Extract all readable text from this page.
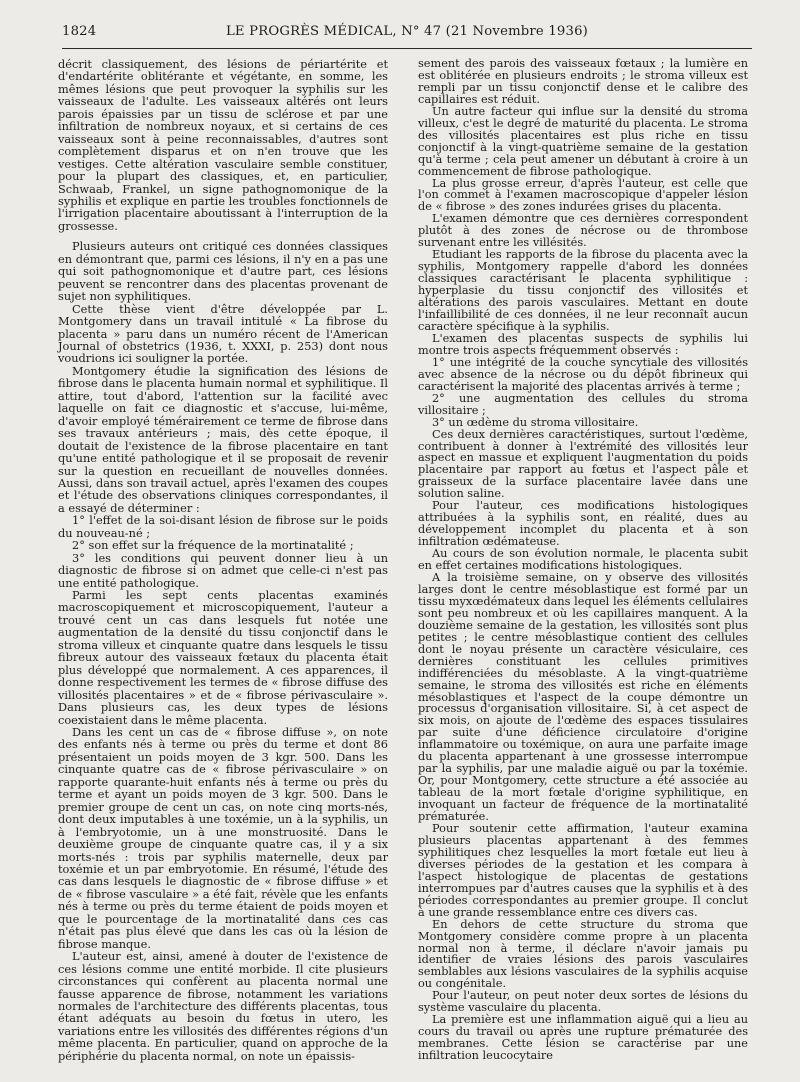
1824	LE PROGRÈS MÉDICAL, N° 47 (21 Novembre 1936)

décrit classiquement, des lésions de périartérite et d'endartérite oblitérante et végétante, en somme, les mêmes lésions que peut provoquer la syphilis sur les vaisseaux de l'adulte. Les vaisseaux altérés ont leurs parois épaissies par un tissu de sclérose et par une infiltration de nombreux noyaux, et si certains de ces vaisseaux sont à peine reconnaissables, d'autres sont complètement disparus et on n'en trouve que les vestiges. Cette altération vasculaire semble constituer, pour la plupart des classiques, et, en particulier, Schwaab, Frankel, un signe pathognomonique de la syphilis et explique en partie les troubles fonctionnels de l'irrigation placentaire aboutissant à l'interruption de la grossesse.

Plusieurs auteurs ont critiqué ces données classiques en démontrant que, parmi ces lésions, il n'y en a pas une qui soit pathognomonique et d'autre part, ces lésions peuvent se rencontrer dans des placentas provenant de sujet non syphilitiques.

Cette thèse vient d'être développée par L. Montgomery dans un travail intitulé « La fibrose du placenta » paru dans un numéro récent de l'American Journal of obstetrics (1936, t. XXXI, p. 253) dont nous voudrions ici souligner la portée.

Montgomery étudie la signification des lésions de fibrose dans le placenta humain normal et syphilitique. Il attire, tout d'abord, l'attention sur la facilité avec laquelle on fait ce diagnostic et s'accuse, lui-même, d'avoir employé témérairement ce terme de fibrose dans ses travaux antérieurs ; mais, dès cette époque, il doutait de l'existence de la fibrose placentaire en tant qu'une entité pathologique et il se proposait de revenir sur la question en recueillant de nouvelles données. Aussi, dans son travail actuel, après l'examen des coupes et l'étude des observations cliniques correspondantes, il a essayé de déterminer :

1° l'effet de la soi-disant lésion de fibrose sur le poids du nouveau-né ;

2° son effet sur la fréquence de la mortinatalité ;

3° les conditions qui peuvent donner lieu à un diagnostic de fibrose si on admet que celle-ci n'est pas une entité pathologique.

Parmi les sept cents placentas examinés macroscopiquement et microscopiquement, l'auteur a trouvé cent un cas dans lesquels fut notée une augmentation de la densité du tissu conjonctif dans le stroma villeux et cinquante quatre dans lesquels le tissu fibreux autour des vaisseaux fœtaux du placenta était plus développé que normalement. A ces apparences, il donne respectivement les termes de « fibrose diffuse des villosités placentaires » et de « fibrose périvasculaire ». Dans plusieurs cas, les deux types de lésions coexistaient dans le même placenta.

Dans les cent un cas de « fibrose diffuse », on note des enfants nés à terme ou près du terme et dont 86 présentaient un poids moyen de 3 kgr. 500. Dans les cinquante quatre cas de « fibrose périvasculaire » on rapporte quarante-huit enfants nés à terme ou près du terme et ayant un poids moyen de 3 kgr. 500. Dans le premier groupe de cent un cas, on note cinq morts-nés, dont deux imputables à une toxémie, un à la syphilis, un à l'embryotomie, un à une monstruosité. Dans le deuxième groupe de cinquante quatre cas, il y a six morts-nés : trois par syphilis maternelle, deux par toxémie et un par embryotomie. En résumé, l'étude des cas dans lesquels le diagnostic de « fibrose diffuse » et de « fibrose vasculaire » a été fait, révèle que les enfants nés à terme ou près du terme étaient de poids moyen et que le pourcentage de la mortinatalité dans ces cas n'était pas plus élevé que dans les cas où la lésion de fibrose manque.

L'auteur est, ainsi, amené à douter de l'existence de ces lésions comme une entité morbide. Il cite plusieurs circonstances qui confèrent au placenta normal une fausse apparence de fibrose, notamment les variations normales de l'architecture des différents placentas, tous étant adéquats au besoin du fœtus in utero, les variations entre les villosités des différentes régions d'un même placenta. En particulier, quand on approche de la périphérie du placenta normal, on note un épaissis-

sement des parois des vaisseaux fœtaux ; la lumière en est oblitérée en plusieurs endroits ; le stroma villeux est rempli par un tissu conjonctif dense et le calibre des capillaires est réduit.

Un autre facteur qui influe sur la densité du stroma villeux, c'est le degré de maturité du placenta. Le stroma des villosités placentaires est plus riche en tissu conjonctif à la vingt-quatrième semaine de la gestation qu'à terme ; cela peut amener un débutant à croire à un commencement de fibrose pathologique.

La plus grosse erreur, d'après l'auteur, est celle que l'on commet à l'examen macroscopique d'appeler lésion de « fibrose » des zones indurées grises du placenta.

L'examen démontre que ces dernières correspondent plutôt à des zones de nécrose ou de thrombose survenant entre les villésités.

Etudiant les rapports de la fibrose du placenta avec la syphilis, Montgomery rappelle d'abord les données classiques caractérisant le placenta syphilitique : hyperplasie du tissu conjonctif des villosités et altérations des parois vasculaires. Mettant en doute l'infaillibilité de ces données, il ne leur reconnaît aucun caractère spécifique à la syphilis.

L'examen des placentas suspects de syphilis lui montre trois aspects fréquemment observés :

1° une intégrité de la couche syncytiale des villosités avec absence de la nécrose ou du dépôt fibrineux qui caractérisent la majorité des placentas arrivés à terme ;

2° une augmentation des cellules du stroma villositaire ;

3° un œdème du stroma villositaire.

Ces deux dernières caractéristiques, surtout l'œdème, contribuent à donner à l'extrémité des villosités leur aspect en massue et expliquent l'augmentation du poids placentaire par rapport au fœtus et l'aspect pâle et graisseux de la surface placentaire lavée dans une solution saline.

Pour l'auteur, ces modifications histologiques attribuées à la syphilis sont, en réalité, dues au développement incomplet du placenta et à son infiltration œdémateuse.

Au cours de son évolution normale, le placenta subit en effet certaines modifications histologiques.

A la troisième semaine, on y observe des villosités larges dont le centre mésoblastique est formé par un tissu myxœdémateux dans lequel les éléments cellulaires sont peu nombreux et où les capillaires manquent. A la douzième semaine de la gestation, les villosités sont plus petites ; le centre mésoblastique contient des cellules dont le noyau présente un caractère vésiculaire, ces dernières constituant les cellules primitives indifférenciées du mésoblaste. A la vingt-quatrième semaine, le stroma des villosités est riche en éléments mésoblastiques et l'aspect de la coupe démontre un processus d'organisation villositaire. Si, à cet aspect de six mois, on ajoute de l'œdème des espaces tissulaires par suite d'une déficience circulatoire d'origine inflammatoire ou toxémique, on aura une parfaite image du placenta appartenant à une grossesse interrompue par la syphilis, par une maladie aiguë ou par la toxémie. Or, pour Montgomery, cette structure a été associée au tableau de la mort fœtale d'origine syphilitique, en invoquant un facteur de fréquence de la mortinatalité prématurée.

Pour soutenir cette affirmation, l'auteur examina plusieurs placentas appartenant à des femmes syphilitiques chez lesquelles la mort fœtale eut lieu à diverses périodes de la gestation et les compara à l'aspect histologique de placentas de gestations interrompues par d'autres causes que la syphilis et à des périodes correspondantes au premier groupe. Il conclut à une grande ressemblance entre ces divers cas.

En dehors de cette structure du stroma que Montgomery considère comme propre à un placenta normal non à terme, il déclare n'avoir jamais pu identifier de vraies lésions des parois vasculaires semblables aux lésions vasculaires de la syphilis acquise ou congénitale.

Pour l'auteur, on peut noter deux sortes de lésions du système vasculaire du placenta.

La première est une inflammation aiguë qui a lieu au cours du travail ou après une rupture prématurée des membranes. Cette lésion se caractérise par une infiltration leucocytaire
